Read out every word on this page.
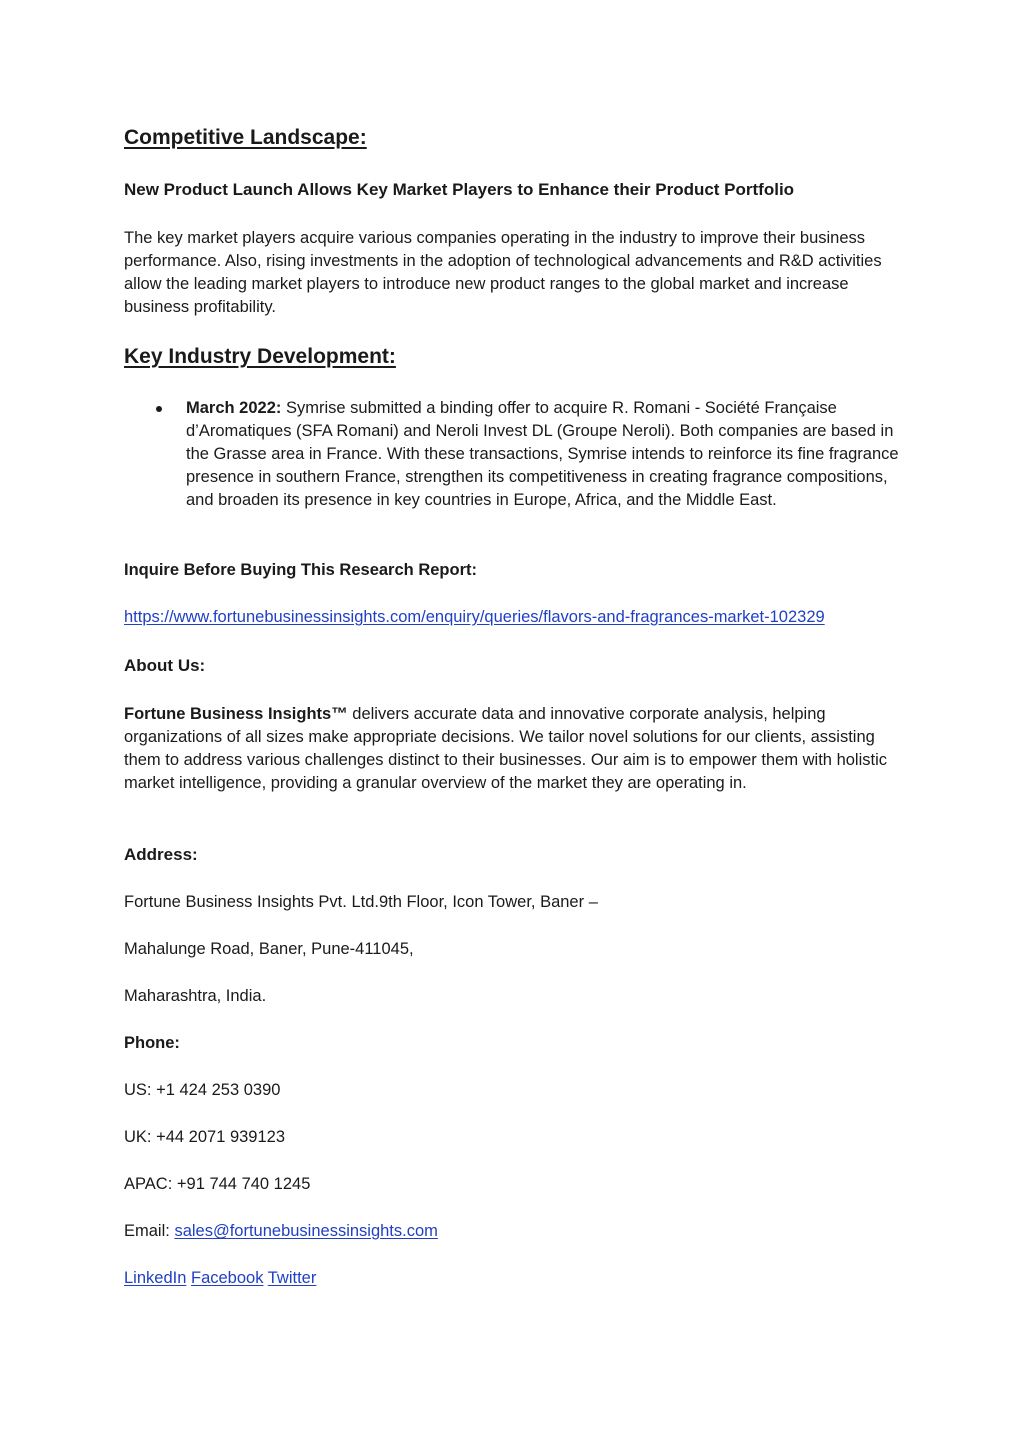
Competitive Landscape:
New Product Launch Allows Key Market Players to Enhance their Product Portfolio
The key market players acquire various companies operating in the industry to improve their business performance. Also, rising investments in the adoption of technological advancements and R&D activities allow the leading market players to introduce new product ranges to the global market and increase business profitability.
Key Industry Development:
March 2022: Symrise submitted a binding offer to acquire R. Romani - Société Française d’Aromatiques (SFA Romani) and Neroli Invest DL (Groupe Neroli). Both companies are based in the Grasse area in France. With these transactions, Symrise intends to reinforce its fine fragrance presence in southern France, strengthen its competitiveness in creating fragrance compositions, and broaden its presence in key countries in Europe, Africa, and the Middle East.
Inquire Before Buying This Research Report:
https://www.fortunebusinessinsights.com/enquiry/queries/flavors-and-fragrances-market-102329
About Us:
Fortune Business Insights™ delivers accurate data and innovative corporate analysis, helping organizations of all sizes make appropriate decisions. We tailor novel solutions for our clients, assisting them to address various challenges distinct to their businesses. Our aim is to empower them with holistic market intelligence, providing a granular overview of the market they are operating in.
Address:
Fortune Business Insights Pvt. Ltd.9th Floor, Icon Tower, Baner –
Mahalunge Road, Baner, Pune-411045,
Maharashtra, India.
Phone:
US: +1 424 253 0390
UK: +44 2071 939123
APAC: +91 744 740 1245
Email: sales@fortunebusinessinsights.com
LinkedIn Facebook Twitter
